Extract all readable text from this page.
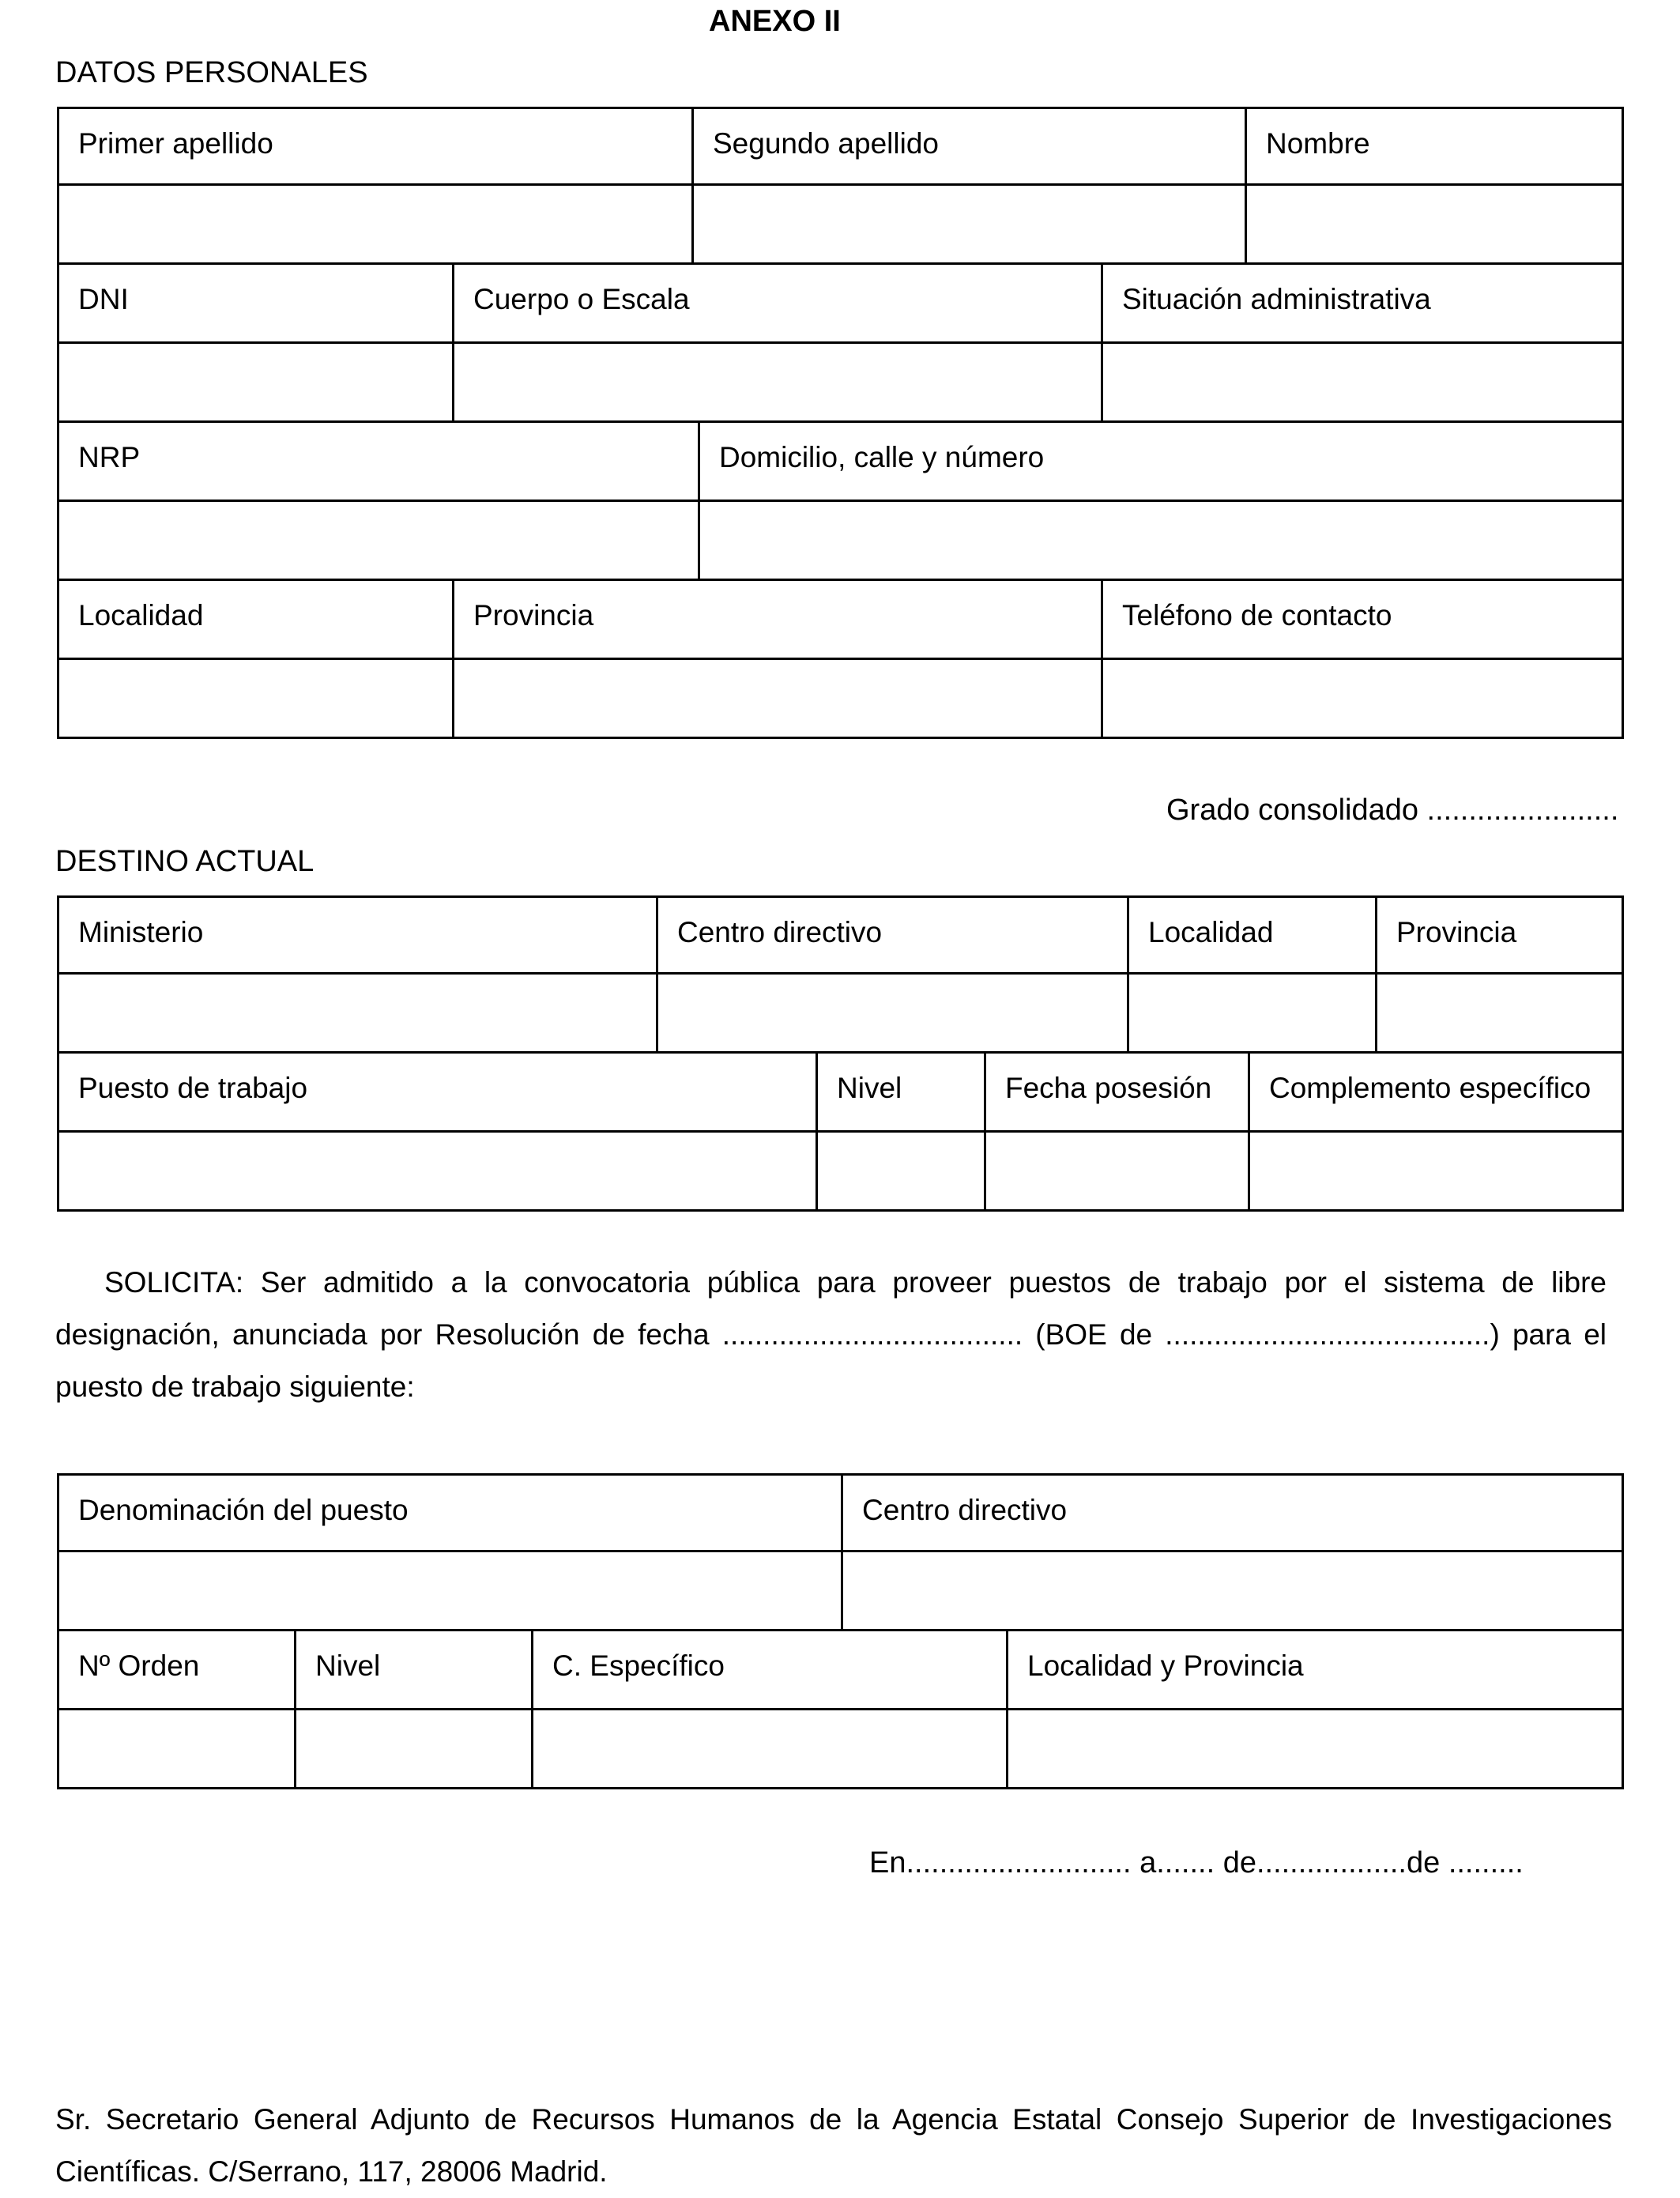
ANEXO II
DATOS PERSONALES
Primer apellido	Segundo apellido	Nombre
DNI	Cuerpo o Escala	Situación administrativa
NRP	Domicilio, calle y número
Localidad	Provincia	Teléfono de contacto
Grado consolidado .......................
DESTINO ACTUAL
Ministerio	Centro directivo	Localidad	Provincia
Puesto de trabajo	Nivel	Fecha posesión	Complemento específico
SOLICITA: Ser admitido a la convocatoria pública para proveer puestos de trabajo por el sistema de libre designación, anunciada por Resolución de fecha ..................................... (BOE de ........................................) para el puesto de trabajo siguiente:
Denominación del puesto	Centro directivo
Nº Orden	Nivel	C. Específico	Localidad y Provincia
En........................... a....... de..................de .........
Sr. Secretario General Adjunto de Recursos Humanos de la Agencia Estatal Consejo Superior de Investigaciones Científicas. C/Serrano, 117, 28006 Madrid.
